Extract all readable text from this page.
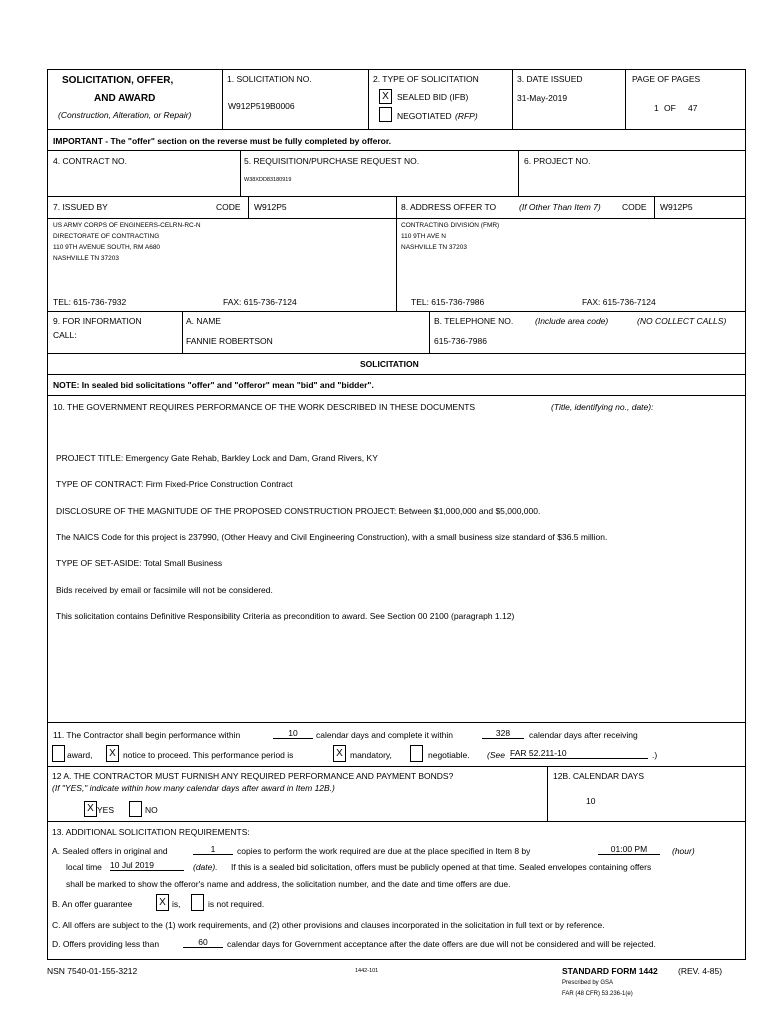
SOLICITATION, OFFER,
AND AWARD
(Construction, Alteration, or Repair)
1. SOLICITATION NO.
W912P519B0006
2. TYPE OF SOLICITATION
X SEALED BID (IFB)
NEGOTIATED (RFP)
3. DATE ISSUED
31-May-2019
PAGE OF PAGES
1 OF 47
IMPORTANT - The "offer" section on the reverse must be fully completed by offeror.
4. CONTRACT NO.	5. REQUISITION/PURCHASE REQUEST NO.
W38XDD83180919
6. PROJECT NO.
7. ISSUED BY	CODE W912P5
US ARMY CORPS OF ENGINEERS-CELRN-RC-N
DIRECTORATE OF CONTRACTING
110 9TH AVENUE SOUTH, RM A680
NASHVILLE TN 37203
TEL: 615-736-7932	FAX: 615-736-7124
8. ADDRESS OFFER TO	(If Other Than Item 7)	CODE W912P5
CONTRACTING DIVISION (FMR)
110 9TH AVE N
NASHVILLE TN 37203
TEL: 615-736-7986	FAX: 615-736-7124
9. FOR INFORMATION
CALL:
A. NAME
FANNIE ROBERTSON
B. TELEPHONE NO.	(Include area code)	(NO COLLECT CALLS)
615-736-7986
SOLICITATION
NOTE: In sealed bid solicitations "offer" and "offeror" mean "bid" and "bidder".
10. THE GOVERNMENT REQUIRES PERFORMANCE OF THE WORK DESCRIBED IN THESE DOCUMENTS	(Title, identifying no., date):
PROJECT TITLE: Emergency Gate Rehab, Barkley Lock and Dam, Grand Rivers, KY
TYPE OF CONTRACT: Firm Fixed-Price Construction Contract
DISCLOSURE OF THE MAGNITUDE OF THE PROPOSED CONSTRUCTION PROJECT: Between $1,000,000 and $5,000,000.
The NAICS Code for this project is 237990, (Other Heavy and Civil Engineering Construction), with a small business size standard of $36.5 million.
TYPE OF SET-ASIDE: Total Small Business
Bids received by email or facsimile will not be considered.
This solicitation contains Definitive Responsibility Criteria as precondition to award. See Section 00 2100 (paragraph 1.12)
11. The Contractor shall begin performance within	10	calendar days and complete it within	328	calendar days after receiving
award,	X notice to proceed. This performance period is	X mandatory,	negotiable. (See FAR 52.211-10	.)
12 A. THE CONTRACTOR MUST FURNISH ANY REQUIRED PERFORMANCE AND PAYMENT BONDS?
(If "YES," indicate within how many calendar days after award in Item 12B.)
X YES	NO
12B. CALENDAR DAYS
10
13. ADDITIONAL SOLICITATION REQUIREMENTS:
A. Sealed offers in original and	1	copies to perform the work required are due at the place specified in Item 8 by	01:00 PM	(hour)
local time 10 Jul 2019	(date). If this is a sealed bid solicitation, offers must be publicly opened at that time. Sealed envelopes containing offers
shall be marked to show the offeror's name and address, the solicitation number, and the date and time offers are due.
B. An offer guarantee	X is,	is not required.
C. All offers are subject to the (1) work requirements, and (2) other provisions and clauses incorporated in the solicitation in full text or by reference.
D. Offers providing less than	60	calendar days for Government acceptance after the date offers are due will not be considered and will be rejected.
NSN 7540-01-155-3212	1442-101	STANDARD FORM 1442 (REV. 4-85)
Prescribed by GSA
FAR (48 CFR) 53.236-1(e)
